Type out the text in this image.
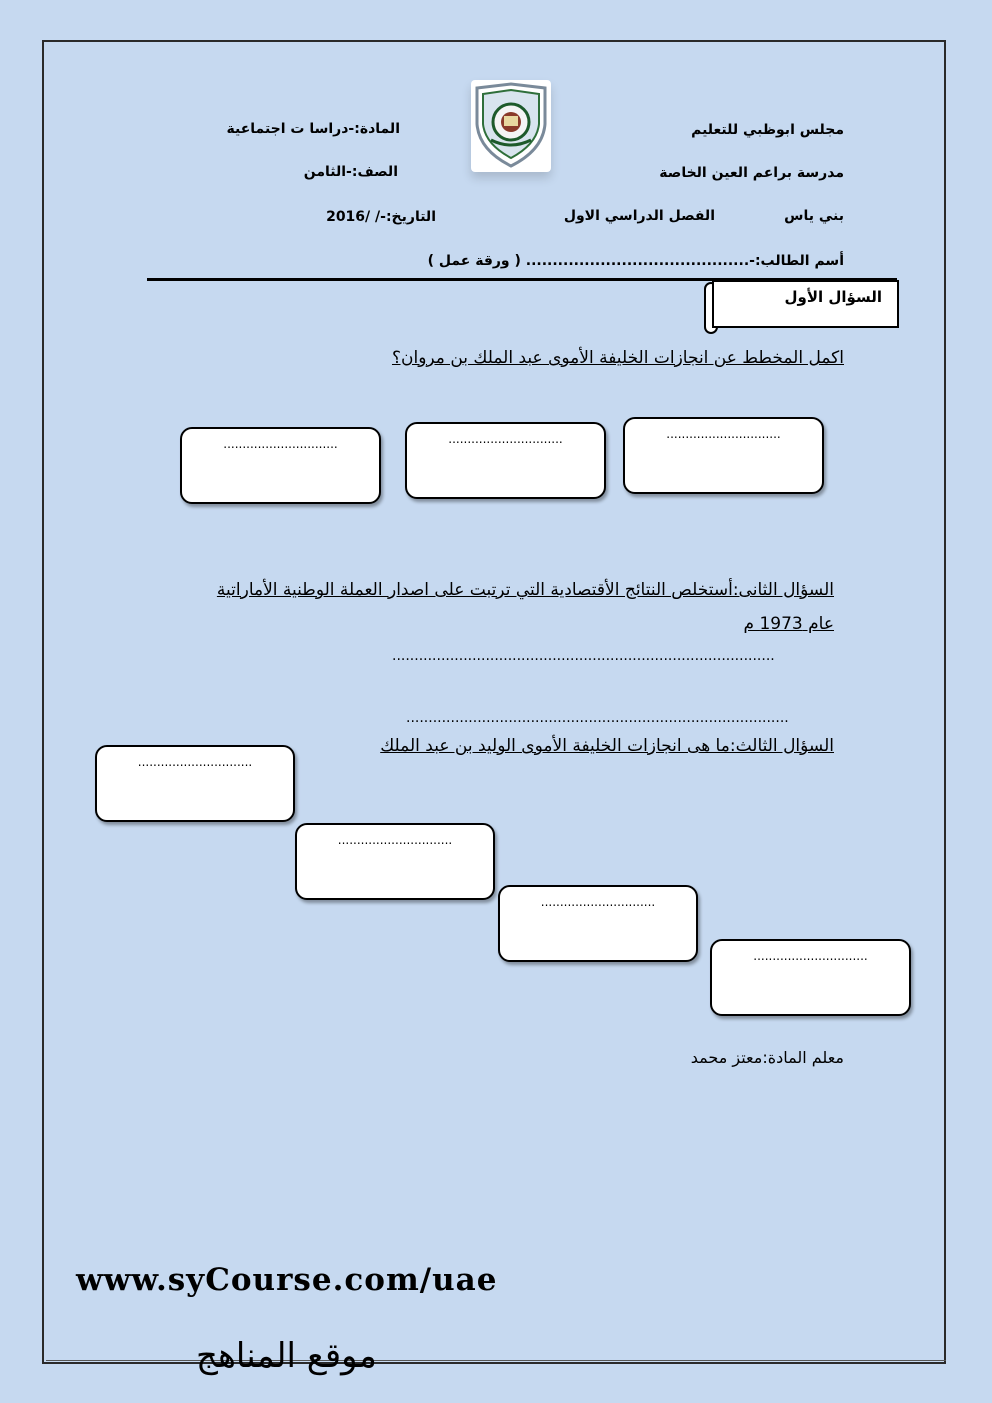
مجلس ابوظبي للتعليم
مدرسة براعم العين الخاصة
بني ياس
الفصل الدراسي الاول
المادة:-دراسا ت اجتماعية
الصف:-الثامن
التاريخ:-/ /2016
أسم الطالب:-.......................................... ( ورقة عمل )
السؤال الأول
اكمل المخطط عن انجازات الخليفة الأموى عبد الملك بن مروان؟
..............................	..............................	..............................
السؤال الثانى:أستخلص النتائج الأقتصادية التي ترتبت على اصدار العملة الوطنية الأماراتية
عام 1973 م
......................................................................................
......................................................................................
السؤال الثالث:ما هى انجازات الخليفة الأموى الوليد بن عبد الملك
..............................
..............................
..............................
..............................
معلم المادة:معتز محمد
www.syCourse.com/uae
موقع المناهج
